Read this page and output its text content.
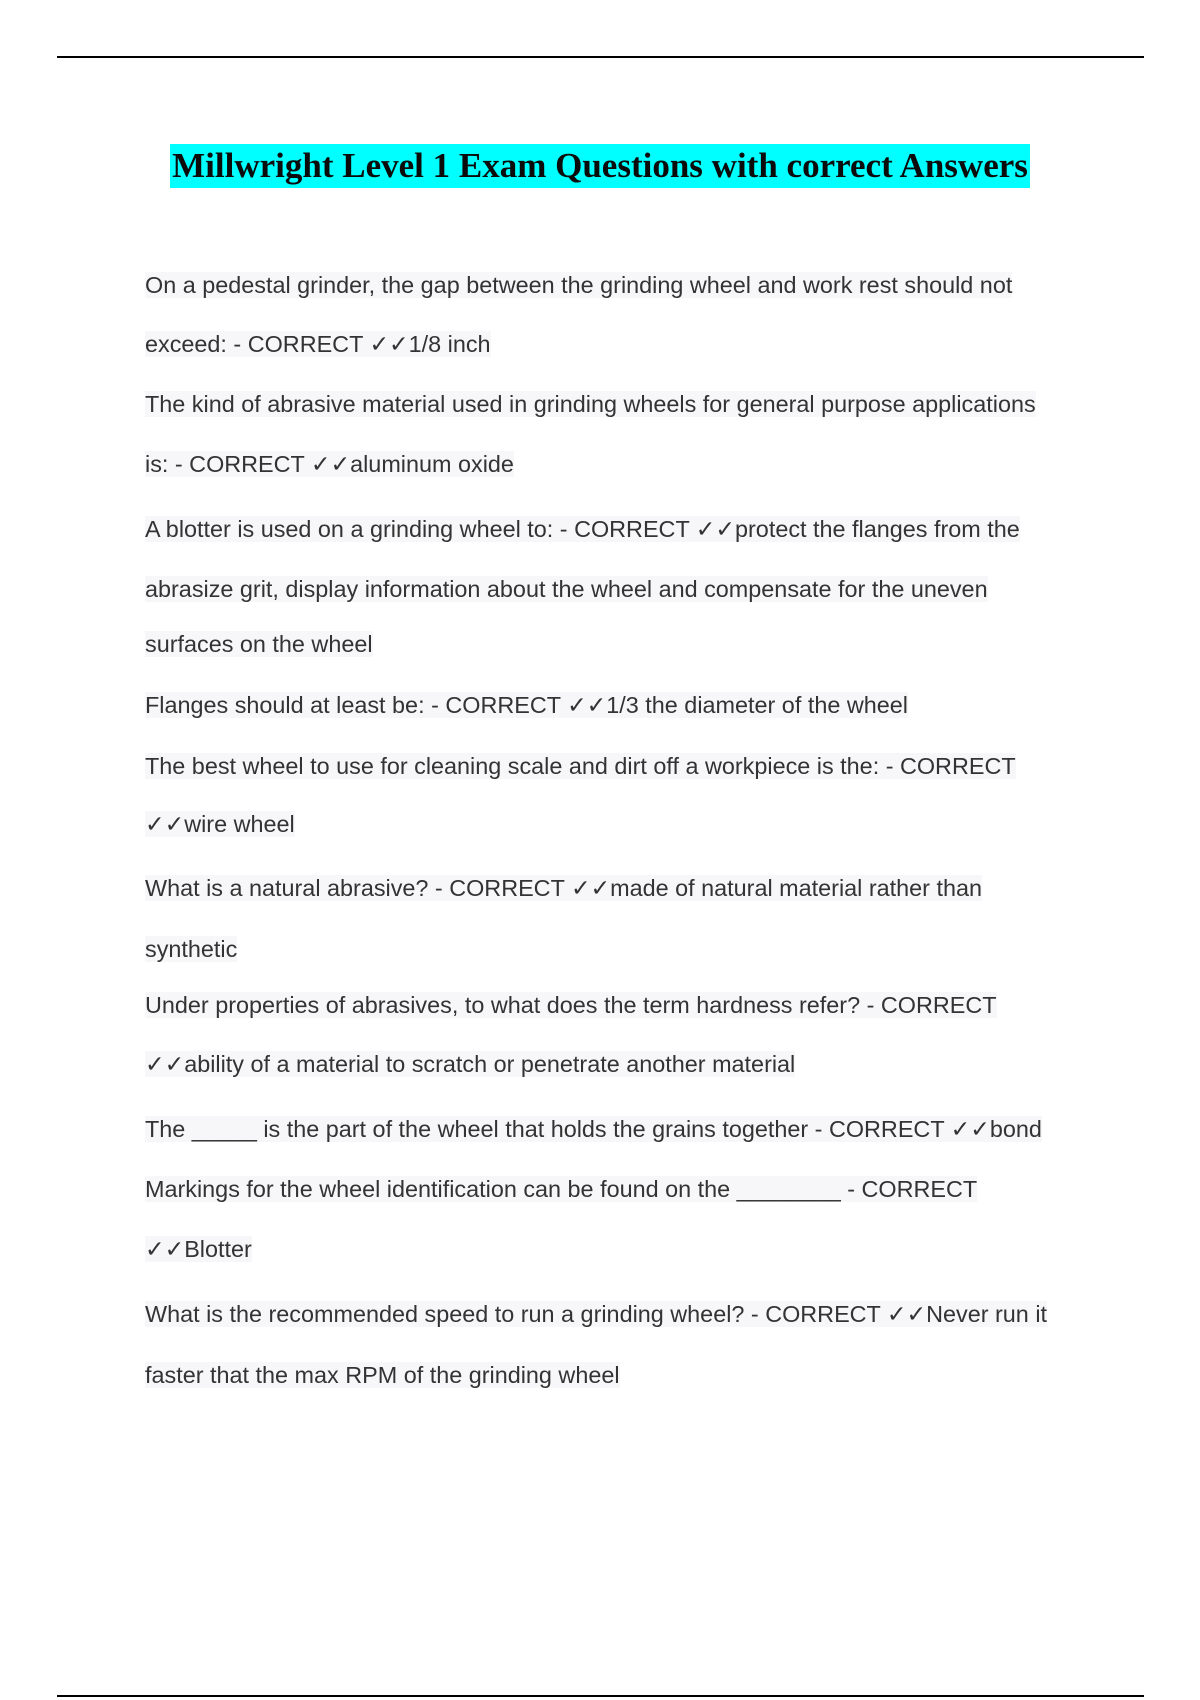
Millwright Level 1 Exam Questions with correct Answers
On a pedestal grinder, the gap between the grinding wheel and work rest should not
exceed: - CORRECT ✓✓1/8 inch
The kind of abrasive material used in grinding wheels for general purpose applications
is: - CORRECT ✓✓aluminum oxide
A blotter is used on a grinding wheel to: - CORRECT ✓✓protect the flanges from the
abrasize grit, display information about the wheel and compensate for the uneven
surfaces on the wheel
Flanges should at least be: - CORRECT ✓✓1/3 the diameter of the wheel
The best wheel to use for cleaning scale and dirt off a workpiece is the: - CORRECT
✓✓wire wheel
What is a natural abrasive? - CORRECT ✓✓made of natural material rather than
synthetic
Under properties of abrasives, to what does the term hardness refer? - CORRECT
✓✓ability of a material to scratch or penetrate another material
The _____ is the part of the wheel that holds the grains together - CORRECT ✓✓bond
Markings for the wheel identification can be found on the ________ - CORRECT
✓✓Blotter
What is the recommended speed to run a grinding wheel? - CORRECT ✓✓Never run it
faster that the max RPM of the grinding wheel
